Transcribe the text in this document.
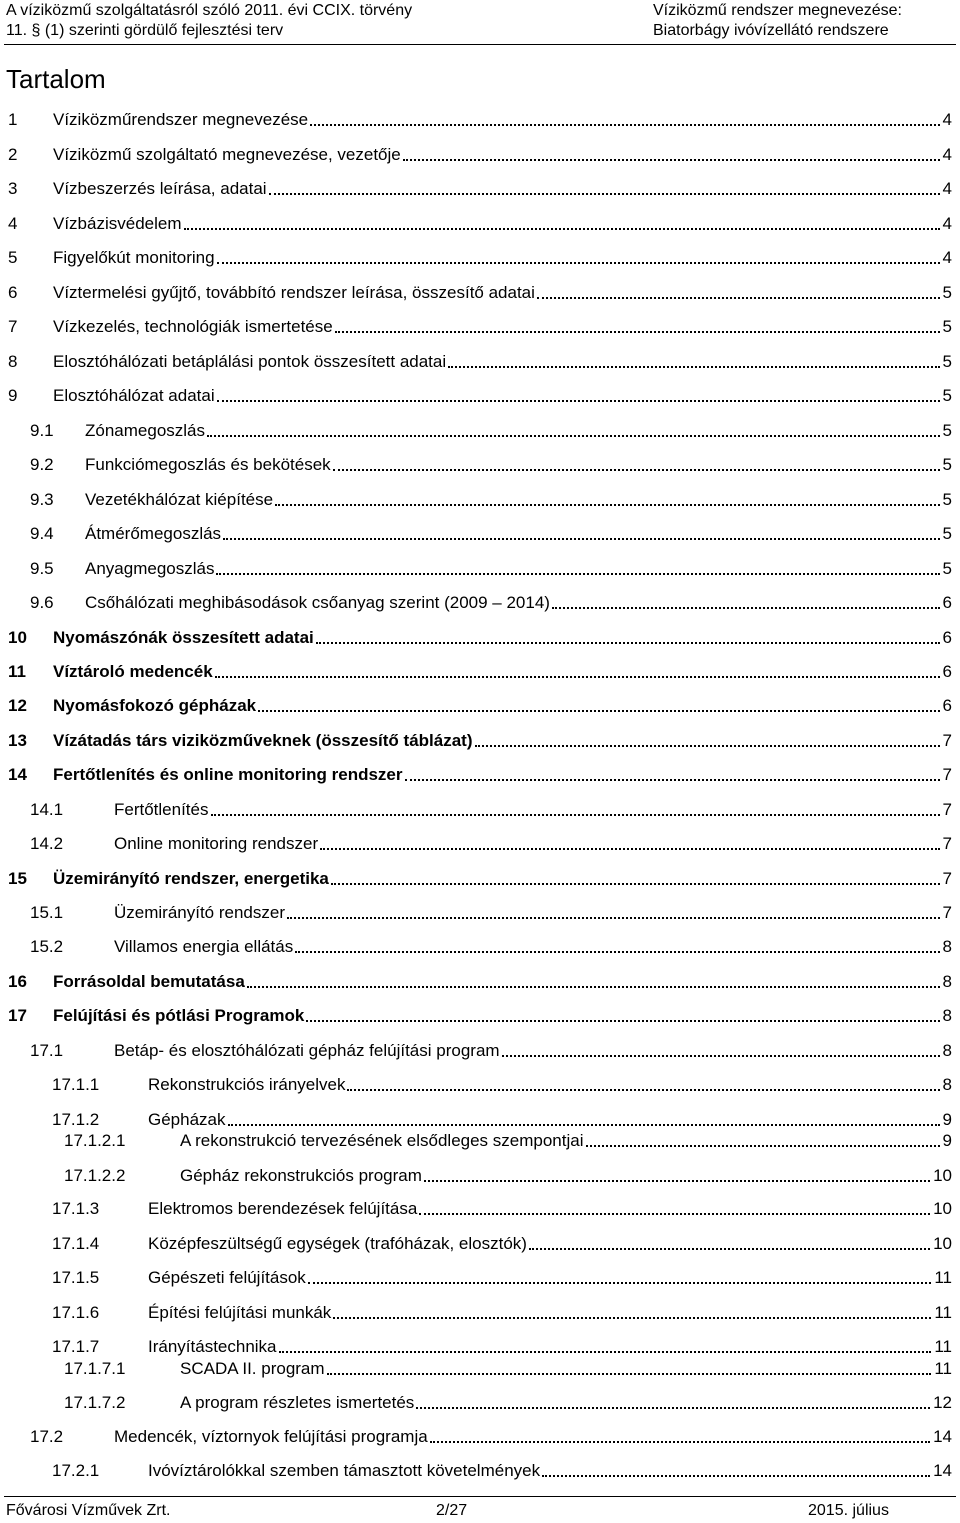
A víziközmű szolgáltatásról szóló 2011. évi CCIX. törvény
11. § (1) szerinti gördülő fejlesztési terv
Víziközmű rendszer megnevezése:
Biatorbágy ivóvízellátó rendszere
Tartalom
1	Víziközműrendszer megnevezése	4
2	Víziközmű szolgáltató megnevezése, vezetője	4
3	Vízbeszerzés leírása, adatai	4
4	Vízbázisvédelem	4
5	Figyelőkút monitoring	4
6	Víztermelési gyűjtő, továbbító rendszer leírása, összesítő adatai	5
7	Vízkezelés, technológiák ismertetése	5
8	Elosztóhálózati betáplálási pontok összesített adatai	5
9	Elosztóhálózat adatai	5
9.1	Zónamegoszlás	5
9.2	Funkciómegoszlás és bekötések	5
9.3	Vezetékhálózat kiépítése	5
9.4	Átmérőmegoszlás	5
9.5	Anyagmegoszlás	5
9.6	Csőhálózati meghibásodások csőanyag szerint (2009 – 2014)	6
10	Nyomászónák összesített adatai	6
11	Víztároló medencék	6
12	Nyomásfokozó gépházak	6
13	Vízátadás társ viziközműveknek (összesítő táblázat)	7
14	Fertőtlenítés és online monitoring rendszer	7
14.1	Fertőtlenítés	7
14.2	Online monitoring rendszer	7
15	Üzemirányító rendszer, energetika	7
15.1	Üzemirányító rendszer	7
15.2	Villamos energia ellátás	8
16	Forrásoldal bemutatása	8
17	Felújítási és pótlási Programok	8
17.1	Betáp- és elosztóhálózati gépház felújítási program	8
17.1.1	Rekonstrukciós irányelvek	8
17.1.2	Gépházak	9
17.1.2.1	A rekonstrukció tervezésének elsődleges szempontjai	9
17.1.2.2	Gépház rekonstrukciós program	10
17.1.3	Elektromos berendezések felújítása	10
17.1.4	Középfeszültségű egységek (trafóházak, elosztók)	10
17.1.5	Gépészeti felújítások	11
17.1.6	Építési felújítási munkák	11
17.1.7	Irányítástechnika	11
17.1.7.1	SCADA II. program	11
17.1.7.2	A program részletes ismertetés	12
17.2	Medencék, víztornyok felújítási programja	14
17.2.1	Ivóvíztárolókkal szemben támasztott követelmények	14
Fővárosi Vízművek Zrt.	2/27	2015. július
